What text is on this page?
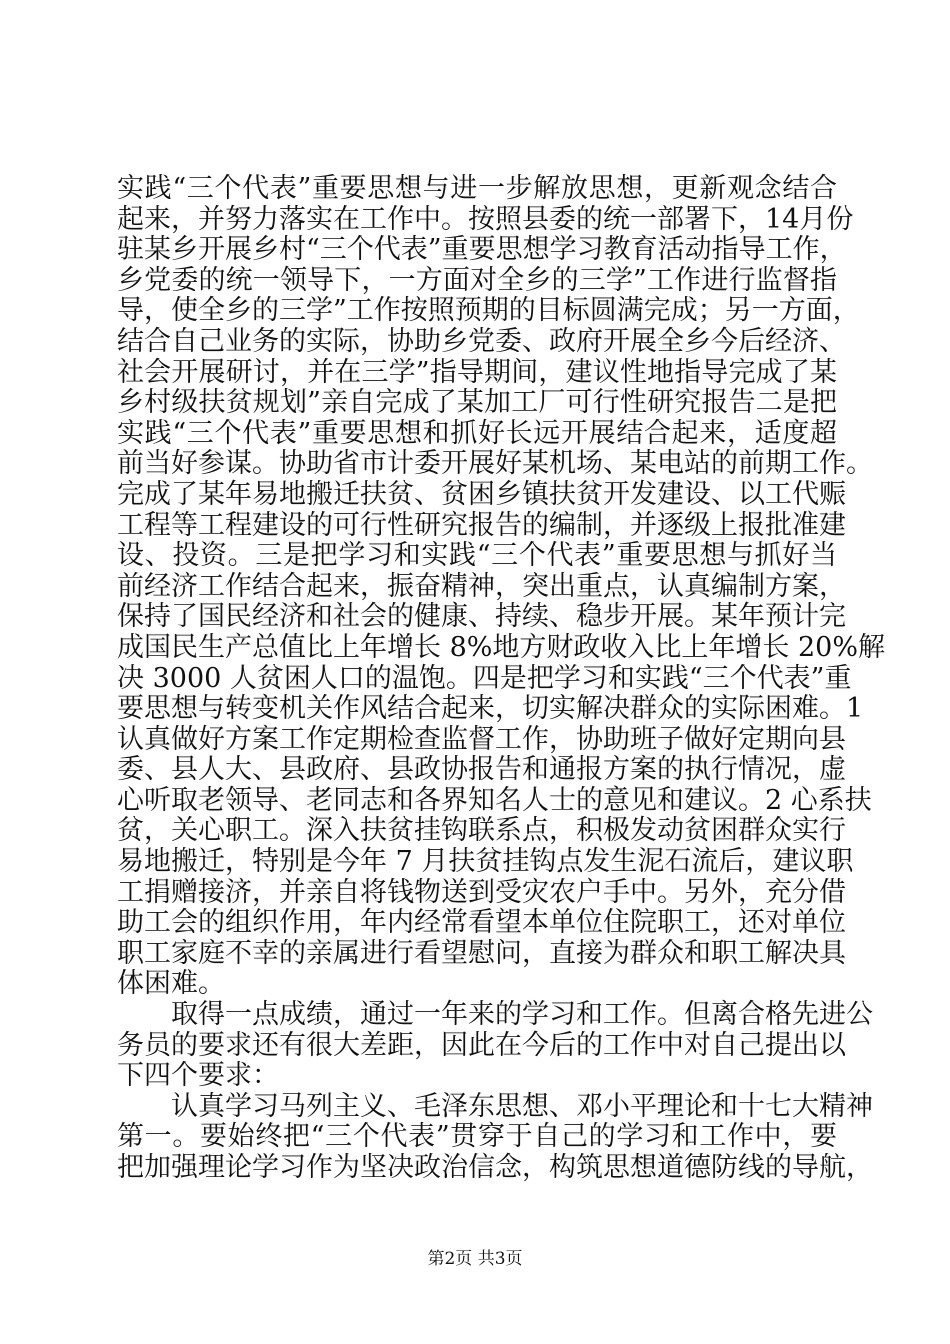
实践“三个代表”重要思想与进一步解放思想，更新观念结合
起来，并努力落实在工作中。按照县委的统一部署下，14月份
驻某乡开展乡村“三个代表”重要思想学习教育活动指导工作，
乡党委的统一领导下，一方面对全乡的三学”工作进行监督指
导，使全乡的三学”工作按照预期的目标圆满完成；另一方面，
结合自己业务的实际，协助乡党委、政府开展全乡今后经济、
社会开展研讨，并在三学”指导期间，建议性地指导完成了某
乡村级扶贫规划”亲自完成了某加工厂可行性研究报告二是把
实践“三个代表”重要思想和抓好长远开展结合起来，适度超
前当好参谋。协助省市计委开展好某机场、某电站的前期工作。
完成了某年易地搬迁扶贫、贫困乡镇扶贫开发建设、以工代赈
工程等工程建设的可行性研究报告的编制，并逐级上报批准建
设、投资。三是把学习和实践“三个代表”重要思想与抓好当
前经济工作结合起来，振奋精神，突出重点，认真编制方案，
保持了国民经济和社会的健康、持续、稳步开展。某年预计完
成国民生产总值比上年增长 8%地方财政收入比上年增长 20%解
决 3000 人贫困人口的温饱。四是把学习和实践“三个代表”重
要思想与转变机关作风结合起来，切实解决群众的实际困难。1
认真做好方案工作定期检查监督工作，协助班子做好定期向县
委、县人大、县政府、县政协报告和通报方案的执行情况，虚
心听取老领导、老同志和各界知名人士的意见和建议。2 心系扶
贫，关心职工。深入扶贫挂钩联系点，积极发动贫困群众实行
易地搬迁，特别是今年 7 月扶贫挂钩点发生泥石流后，建议职
工捐赠接济，并亲自将钱物送到受灾农户手中。另外，充分借
助工会的组织作用，年内经常看望本单位住院职工，还对单位
职工家庭不幸的亲属进行看望慰问，直接为群众和职工解决具
体困难。
　　取得一点成绩，通过一年来的学习和工作。但离合格先进公
务员的要求还有很大差距，因此在今后的工作中对自己提出以
下四个要求：
　　认真学习马列主义、毛泽东思想、邓小平理论和十七大精神
第一。要始终把“三个代表”贯穿于自己的学习和工作中，要
把加强理论学习作为坚决政治信念，构筑思想道德防线的导航，
第2页 共3页
